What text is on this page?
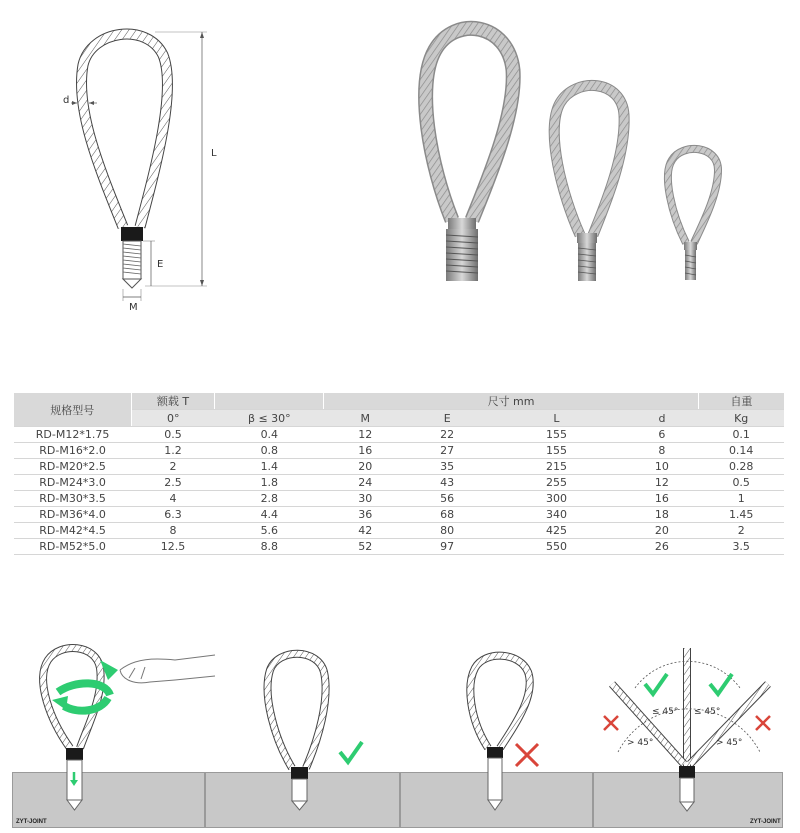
d
L
E
M
规格型号	额载 T		尺寸 mm				自重
	0°	β ≤ 30°	M	E	L	d	Kg
RD-M12*1.75	0.5	0.4	12	22	155	6	0.1
RD-M16*2.0	1.2	0.8	16	27	155	8	0.14
RD-M20*2.5	2	1.4	20	35	215	10	0.28
RD-M24*3.0	2.5	1.8	24	43	255	12	0.5
RD-M30*3.5	4	2.8	30	56	300	16	1
RD-M36*4.0	6.3	4.4	36	68	340	18	1.45
RD-M42*4.5	8	5.6	42	80	425	20	2
RD-M52*5.0	12.5	8.8	52	97	550	26	3.5
ZYT-JOINT	ZYT-JOINT
≤ 45° ≤ 45°
> 45°	> 45°
